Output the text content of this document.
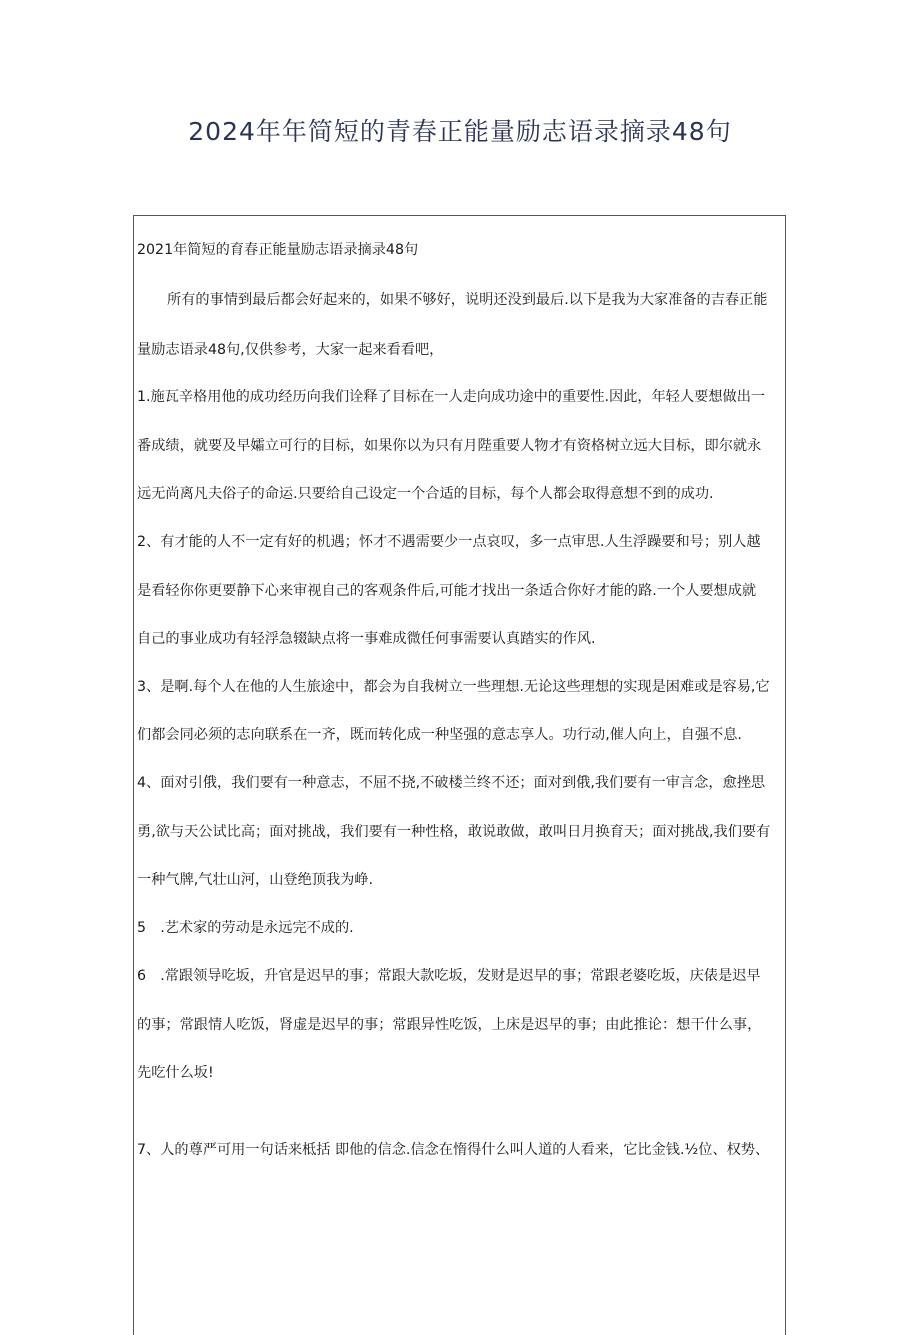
2024年年简短的青春正能量励志语录摘录48句
2021年简短的育春正能量励志语录摘录48句
所有的事情到最后都会好起来的，如果不够好，说明还没到最后.以下是我为大家准备的吉春正能
量励志语录48句,仅供参考，大家一起来看看吧，
1.施瓦辛格用他的成功经历向我们诠释了目标在一人走向成功途中的重要性.因此，年轻人要想做出一
番成绩，就要及早孀立可行的目标，如果你以为只有月陛重要人物才有资格树立远大目标，即尔就永
远无尚离凡夫俗子的命运.只要给自己设定一个合适的目标，每个人都会取得意想不到的成功.
2、有才能的人不一定有好的机遇；怀才不遇需要少一点哀叹，多一点审思.人生浮躁要和号；别人越
是看轻你你更要静下心来审视自己的客观条件后,可能才找出一条适合你好才能的路.一个人要想成就
自己的事业成功有轻浮急辍缺点将一事难成微任何事需要认真踏实的作风.
3、是啊.每个人在他的人生旅途中，都会为自我树立一些理想.无论这些理想的实现是困难或是容易,它
们都会同必须的志向联系在一齐，既而转化成一种坚强的意志享人。功行动,催人向上，自强不息.
4、面对引俄，我们要有一种意志，不屈不挠,不破楼兰终不还；面对到俄,我们要有一审言念，愈挫思
勇,欲与天公试比高；面对挑战，我们要有一种性格，敢说敢做，敢叫日月换育天；面对挑战,我们要有
一种气牌,气壮山河，山登绝顶我为峥.
5　.艺术家的劳动是永远完不成的.
6　.常跟领导吃坂，升官是迟早的事；常跟大款吃坂，发财是迟早的事；常跟老婆吃坂，庆俵是迟早
的事；常跟情人吃饭，肾虚是迟早的事；常跟异性吃饭，上床是迟早的事；由此推论：想干什么事，
先吃什么坂!
7、人的尊严可用一句话来柢括 即他的信念.信念在惰得什么叫人道的人看来，它比金钱.½位、权势、
